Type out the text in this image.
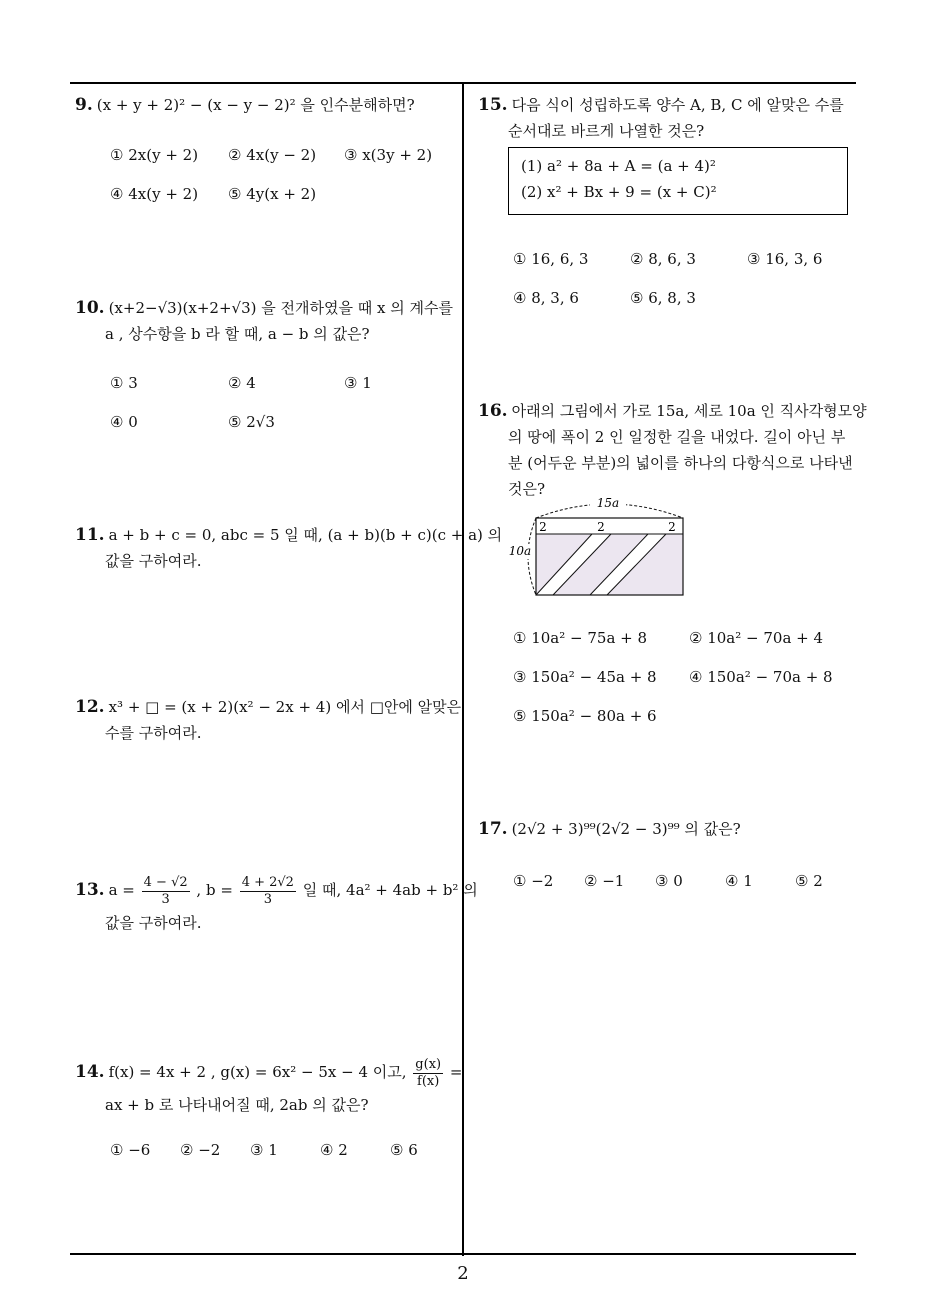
9. (x + y + 2)² − (x − y − 2)² 을 인수분해하면?
① 2x(y + 2) ② 4x(y − 2) ③ x(3y + 2)
④ 4x(y + 2) ⑤ 4y(x + 2)
10. (x+2−√3)(x+2+√3) 을 전개하였을 때 x 의 계수를
a , 상수항을 b 라 할 때, a − b 의 값은?
① 3	② 4	③ 1
④ 0	⑤ 2√3
11. a + b + c = 0, abc = 5 일 때, (a + b)(b + c)(c + a) 의
값을 구하여라.
12. x³ + □ = (x + 2)(x² − 2x + 4) 에서 □안에 알맞은
수를 구하여라.
13. $a = \frac{4 - √2}{3}$ , $b = \frac{4 + 2√2}{3}$ 일 때, 4a² + 4ab + b² 의
값을 구하여라.
14. f(x) = 4x + 2 , g(x) = 6x² − 5x − 4 이고, $\frac{g(x)}{f(x)}$ =
ax + b 로 나타내어질 때, 2ab 의 값은?
① −6 ② −2 ③ 1	④ 2	⑤ 6
15. 다음 식이 성립하도록 양수 A, B, C 에 알맞은 수를
순서대로 바르게 나열한 것은?
(1) a² + 8a + A = (a + 4)²
(2) x² + Bx + 9 = (x + C)²
① 16, 6, 3	② 8, 6, 3	③ 16, 3, 6
④ 8, 3, 6	⑤ 6, 8, 3
16. 아래의 그림에서 가로 15a, 세로 10a 인 직사각형모양
의 땅에 폭이 2 인 일정한 길을 내었다. 길이 아닌 부
분 (어두운 부분)의 넓이를 하나의 다항식으로 나타낸
것은?
15a
10a
2	2	2
① 10a² − 75a + 8	② 10a² − 70a + 4
③ 150a² − 45a + 8 ④ 150a² − 70a + 8
⑤ 150a² − 80a + 6
17. (2√2 + 3)⁹⁹(2√2 − 3)⁹⁹ 의 값은?
① −2 ② −1 ③ 0	④ 1	⑤ 2
2
